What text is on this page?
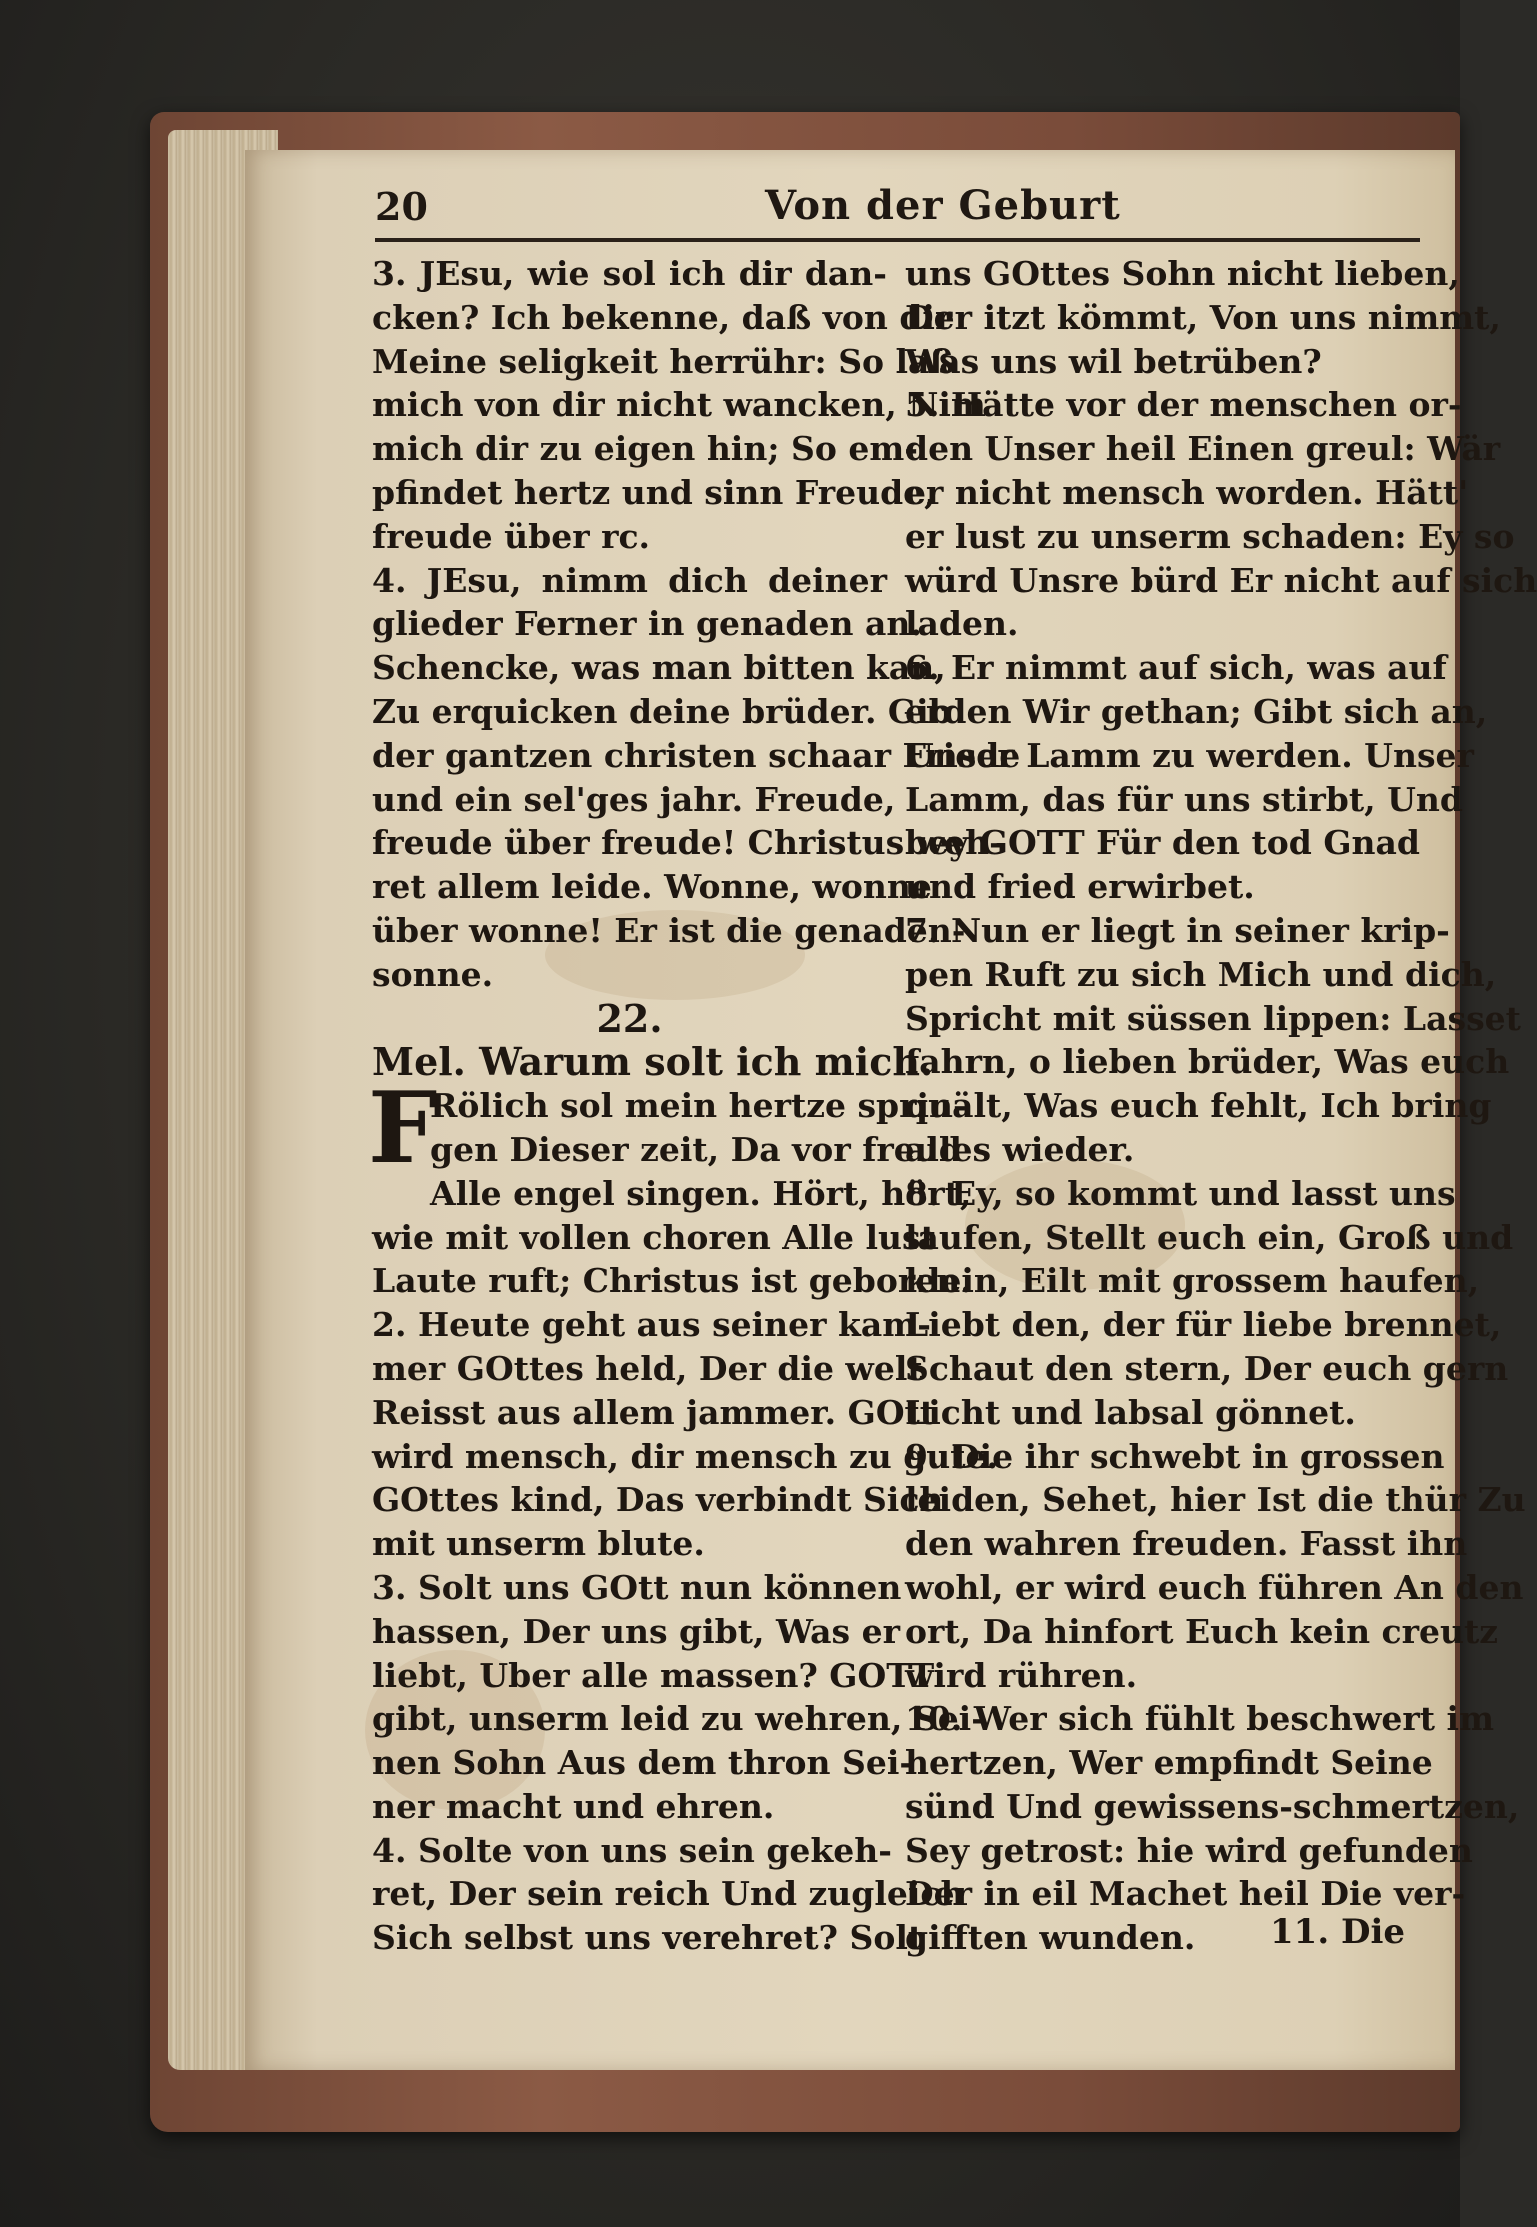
20	Von der Geburt
3. JEsu, wie sol ich dir dan-
cken? Ich bekenne, daß von dir
Meine seligkeit herrühr: So laß
mich von dir nicht wancken, Nim
mich dir zu eigen hin; So em-
pfindet hertz und sinn Freude,
freude über rc.
4. JEsu, nimm dich deiner
glieder Ferner in genaden an.
Schencke, was man bitten kan,
Zu erquicken deine brüder. Gib
der gantzen christen schaar Friede
und ein sel'ges jahr. Freude,
freude über freude! Christus weh-
ret allem leide. Wonne, wonne
über wonne! Er ist die genaden-
sonne.
22.
Mel. Warum solt ich mich.
F
Rölich sol mein hertze sprin-
gen Dieser zeit, Da vor freud
Alle engel singen. Hört, hört,
wie mit vollen choren Alle lust
Laute ruft; Christus ist geboren.
2. Heute geht aus seiner kam-
mer GOttes held, Der die welt
Reisst aus allem jammer. GOtt
wird mensch, dir mensch zu gute.
GOttes kind, Das verbindt Sich
mit unserm blute.
3. Solt uns GOtt nun können
hassen, Der uns gibt, Was er
liebt, Uber alle massen? GOTT
gibt, unserm leid zu wehren, Sei-
nen Sohn Aus dem thron Sei-
ner macht und ehren.
4. Solte von uns sein gekeh-
ret, Der sein reich Und zugleich
Sich selbst uns verehret? Solt
uns GOttes Sohn nicht lieben,
Der itzt kömmt, Von uns nimmt,
Was uns wil betrüben?
5. Hätte vor der menschen or-
den Unser heil Einen greul: Wär
er nicht mensch worden. Hätt'
er lust zu unserm schaden: Ey so
würd Unsre bürd Er nicht auf sich
laden.
6. Er nimmt auf sich, was auf
erden Wir gethan; Gibt sich an,
Unser Lamm zu werden. Unser
Lamm, das für uns stirbt, Und
bey GOTT Für den tod Gnad
und fried erwirbet.
7. Nun er liegt in seiner krip-
pen Ruft zu sich Mich und dich,
Spricht mit süssen lippen: Lasset
fahrn, o lieben brüder, Was euch
quält, Was euch fehlt, Ich bring
alles wieder.
8. Ey, so kommt und lasst uns
laufen, Stellt euch ein, Groß und
klein, Eilt mit grossem haufen,
Liebt den, der für liebe brennet,
Schaut den stern, Der euch gern
Licht und labsal gönnet.
9. Die ihr schwebt in grossen
leiden, Sehet, hier Ist die thür Zu
den wahren freuden. Fasst ihn
wohl, er wird euch führen An den
ort, Da hinfort Euch kein creutz
wird rühren.
10. Wer sich fühlt beschwert im
hertzen, Wer empfindt Seine
sünd Und gewissens-schmertzen,
Sey getrost: hie wird gefunden
Der in eil Machet heil Die ver-
gifften wunden.	11. Die
